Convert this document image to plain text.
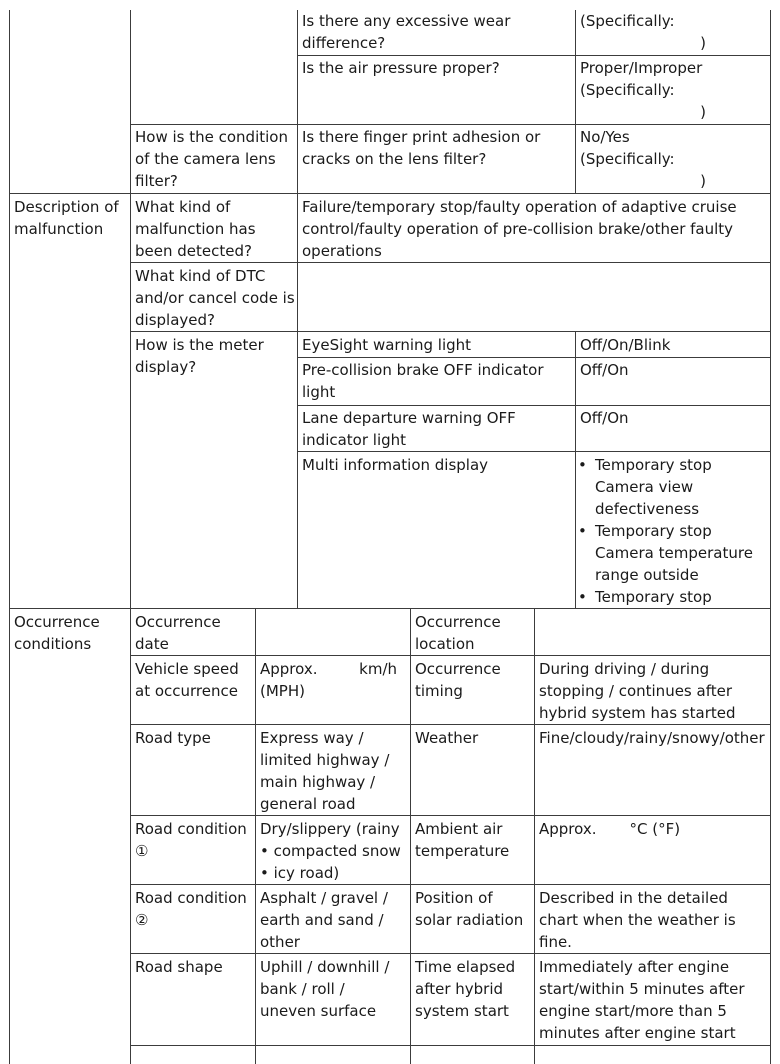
Is there any excessive wear difference?
(Specifically:
)
Is the air pressure proper?	Proper/Improper
(Specifically:
)
How is the condition of the camera lens filter?
Is there finger print adhesion or cracks on the lens filter?
No/Yes
(Specifically:
)
Description of malfunction
What kind of malfunction has been detected?
Failure/temporary stop/faulty operation of adaptive cruise control/faulty operation of pre-collision brake/other faulty operations
What kind of DTC and/or cancel code is displayed?
How is the meter display?
EyeSight warning light	Off/On/Blink
Pre-collision brake OFF indicator light
Off/On
Lane departure warning OFF indicator light
Off/On
Multi information display
•	Temporary stop Camera view defectiveness
• Temporary stop Camera temperature range outside
• Temporary stop
Occurrence conditions
Occurrence date
Occurrence location
Vehicle speed at occurrence
Approx.	km/h
(MPH)
Occurrence timing
During driving / during stopping / continues after hybrid system has started
Road type	Express way / limited highway / main highway / general road
Weather	Fine/cloudy/rainy/snowy/other
Road condition ①
Dry/slippery (rainy
• compacted snow
• icy road)
Ambient air temperature
Approx. °C (°F)
Road condition ②
Asphalt / gravel / earth and sand / other
Position of solar radiation
Described in the detailed chart when the weather is fine.
Road shape	Uphill / downhill / bank / roll / uneven surface
Time elapsed after hybrid system start
Immediately after engine start/within 5 minutes after engine start/more than 5 minutes after engine start
